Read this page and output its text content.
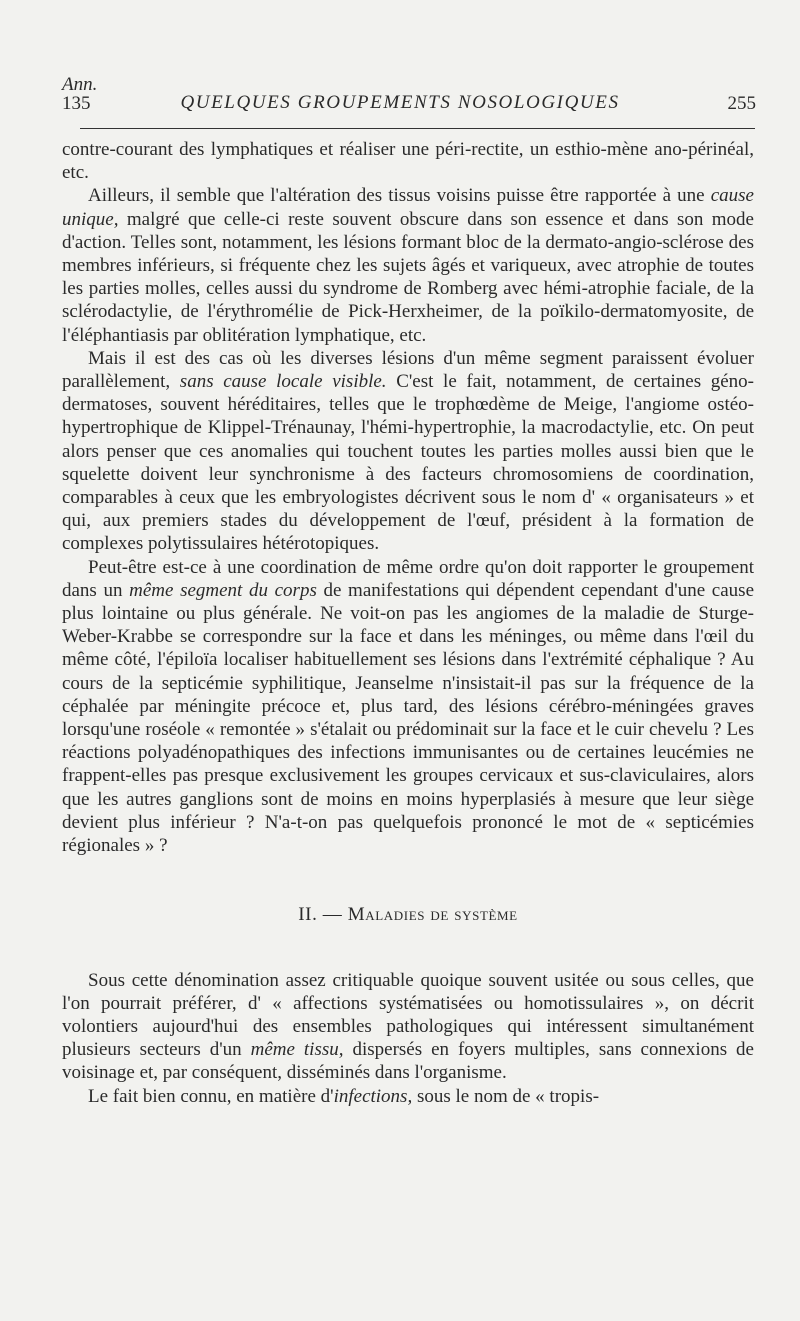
Ann.
135	QUELQUES GROUPEMENTS NOSOLOGIQUES	255

contre-courant des lymphatiques et réaliser une péri-rectite, un esthio-mène ano-périnéal, etc.

Ailleurs, il semble que l'altération des tissus voisins puisse être rapportée à une cause unique, malgré que celle-ci reste souvent obscure dans son essence et dans son mode d'action. Telles sont, notamment, les lésions formant bloc de la dermato-angio-sclérose des membres inférieurs, si fréquente chez les sujets âgés et variqueux, avec atrophie de toutes les parties molles, celles aussi du syndrome de Romberg avec hémi-atrophie faciale, de la sclérodactylie, de l'érythromélie de Pick-Herxheimer, de la poïkilo-dermatomyosite, de l'éléphantiasis par oblitération lymphatique, etc.

Mais il est des cas où les diverses lésions d'un même segment paraissent évoluer parallèlement, sans cause locale visible. C'est le fait, notamment, de certaines géno-dermatoses, souvent héréditaires, telles que le trophœdème de Meige, l'angiome ostéo-hypertrophique de Klippel-Trénaunay, l'hémi-hypertrophie, la macrodactylie, etc. On peut alors penser que ces anomalies qui touchent toutes les parties molles aussi bien que le squelette doivent leur synchronisme à des facteurs chromosomiens de coordination, comparables à ceux que les embryologistes décrivent sous le nom d' « organisateurs » et qui, aux premiers stades du développement de l'œuf, président à la formation de complexes polytissulaires hétérotopiques.

Peut-être est-ce à une coordination de même ordre qu'on doit rapporter le groupement dans un même segment du corps de manifestations qui dépendent cependant d'une cause plus lointaine ou plus générale. Ne voit-on pas les angiomes de la maladie de Sturge-Weber-Krabbe se correspondre sur la face et dans les méninges, ou même dans l'œil du même côté, l'épiloïa localiser habituellement ses lésions dans l'extrémité céphalique ? Au cours de la septicémie syphilitique, Jeanselme n'insistait-il pas sur la fréquence de la céphalée par méningite précoce et, plus tard, des lésions cérébro-méningées graves lorsqu'une roséole « remontée » s'étalait ou prédominait sur la face et le cuir chevelu ? Les réactions polyadénopathiques des infections immunisantes ou de certaines leucémies ne frappent-elles pas presque exclusivement les groupes cervicaux et sus-claviculaires, alors que les autres ganglions sont de moins en moins hyperplasiés à mesure que leur siège devient plus inférieur ? N'a-t-on pas quelquefois prononcé le mot de « septicémies régionales » ?

II. — Maladies de système

Sous cette dénomination assez critiquable quoique souvent usitée ou sous celles, que l'on pourrait préférer, d' « affections systématisées ou homotissulaires », on décrit volontiers aujourd'hui des ensembles pathologiques qui intéressent simultanément plusieurs secteurs d'un même tissu, dispersés en foyers multiples, sans connexions de voisinage et, par conséquent, disséminés dans l'organisme.

Le fait bien connu, en matière d'infections, sous le nom de « tropis-
